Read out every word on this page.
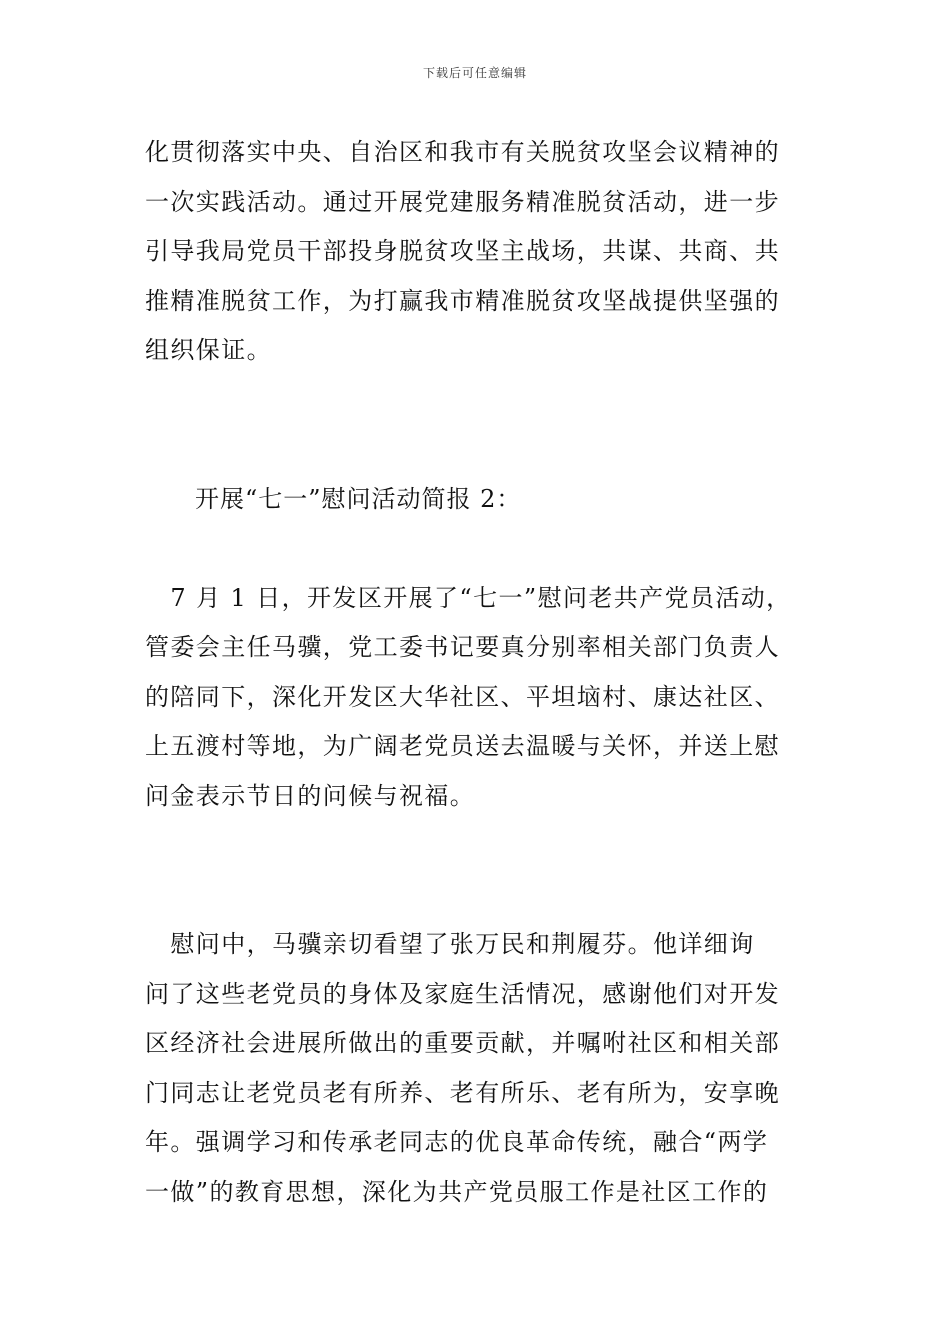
下载后可任意编辑
化贯彻落实中央、自治区和我市有关脱贫攻坚会议精神的
一次实践活动。通过开展党建服务精准脱贫活动，进一步
引导我局党员干部投身脱贫攻坚主战场，共谋、共商、共
推精准脱贫工作，为打赢我市精准脱贫攻坚战提供坚强的
组织保证。
开展“七一”慰问活动简报 2：
　7 月 1 日，开发区开展了“七一”慰问老共产党员活动，
管委会主任马骥，党工委书记要真分别率相关部门负责人
的陪同下，深化开发区大华社区、平坦垴村、康达社区、
上五渡村等地，为广阔老党员送去温暖与关怀，并送上慰
问金表示节日的问候与祝福。
　慰问中，马骥亲切看望了张万民和荆履芬。他详细询
问了这些老党员的身体及家庭生活情况，感谢他们对开发
区经济社会进展所做出的重要贡献，并嘱咐社区和相关部
门同志让老党员老有所养、老有所乐、老有所为，安享晚
年。强调学习和传承老同志的优良革命传统，融合“两学
一做”的教育思想，深化为共产党员服工作是社区工作的
